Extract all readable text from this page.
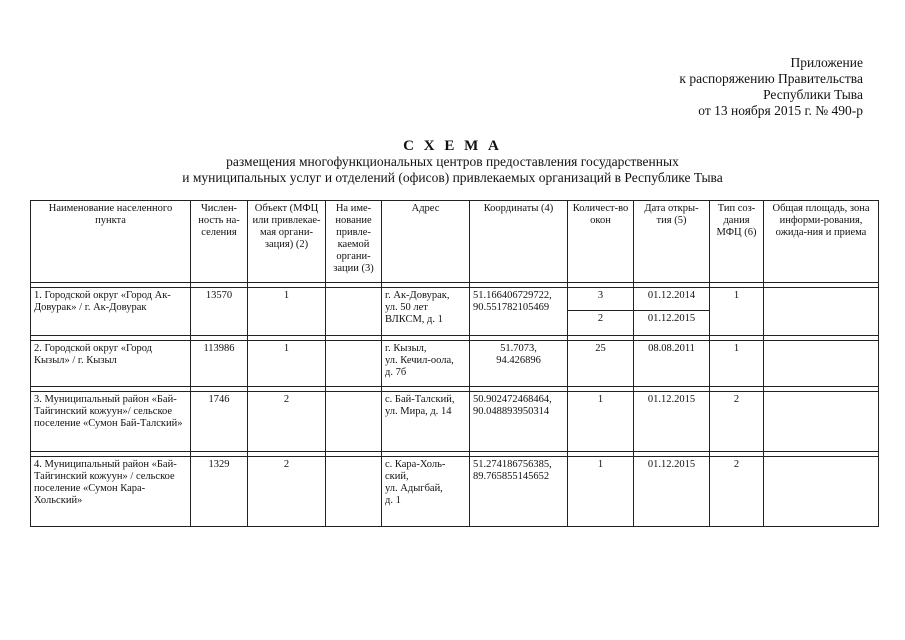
Приложение
к распоряжению Правительства
Республики Тыва
от 13 ноября 2015 г. № 490-р
С Х Е М А
размещения многофункциональных центров предоставления государственных
и муниципальных услуг и отделений (офисов) привлекаемых организаций в Республике Тыва
Наименование населенного пункта	Числен-ность на-селения	Объект (МФЦ или привлекае-мая органи-зация) (2)	На име-нование привле-каемой органи-зации (3)	Адрес	Координаты (4)	Количест-во окон	Дата откры-тия (5)	Тип соз-дания МФЦ (6)	Общая площадь, зона информи-рования, ожида-ния и приема

1. Городской округ «Город Ак-Довурак» / г. Ак-Довурак	13570	1		г. Ак-Довурак,
ул. 50 лет
ВЛКСМ, д. 1	51.166406729722,
90.551782105469	3	01.12.2014	1	
						2	01.12.2015		

2. Городской округ «Город Кызыл» / г. Кызыл	113986	1		г. Кызыл,
ул. Кечил-оола,
д. 7б	51.7073,
94.426896	25	08.08.2011	1	

3. Муниципальный район «Бай-Тайгинский кожуун»/ сельское поселение «Сумон Бай-Талский»	1746	2		с. Бай-Талский,
ул. Мира, д. 14	50.902472468464,
90.048893950314	1	01.12.2015	2	

4. Муниципальный район «Бай-Тайгинский кожуун» / сельское поселение «Сумон Кара-Хольский»	1329	2		с. Кара-Холь-
ский,
ул. Адыгбай,
д. 1	51.274186756385,
89.765855145652	1	01.12.2015	2	
